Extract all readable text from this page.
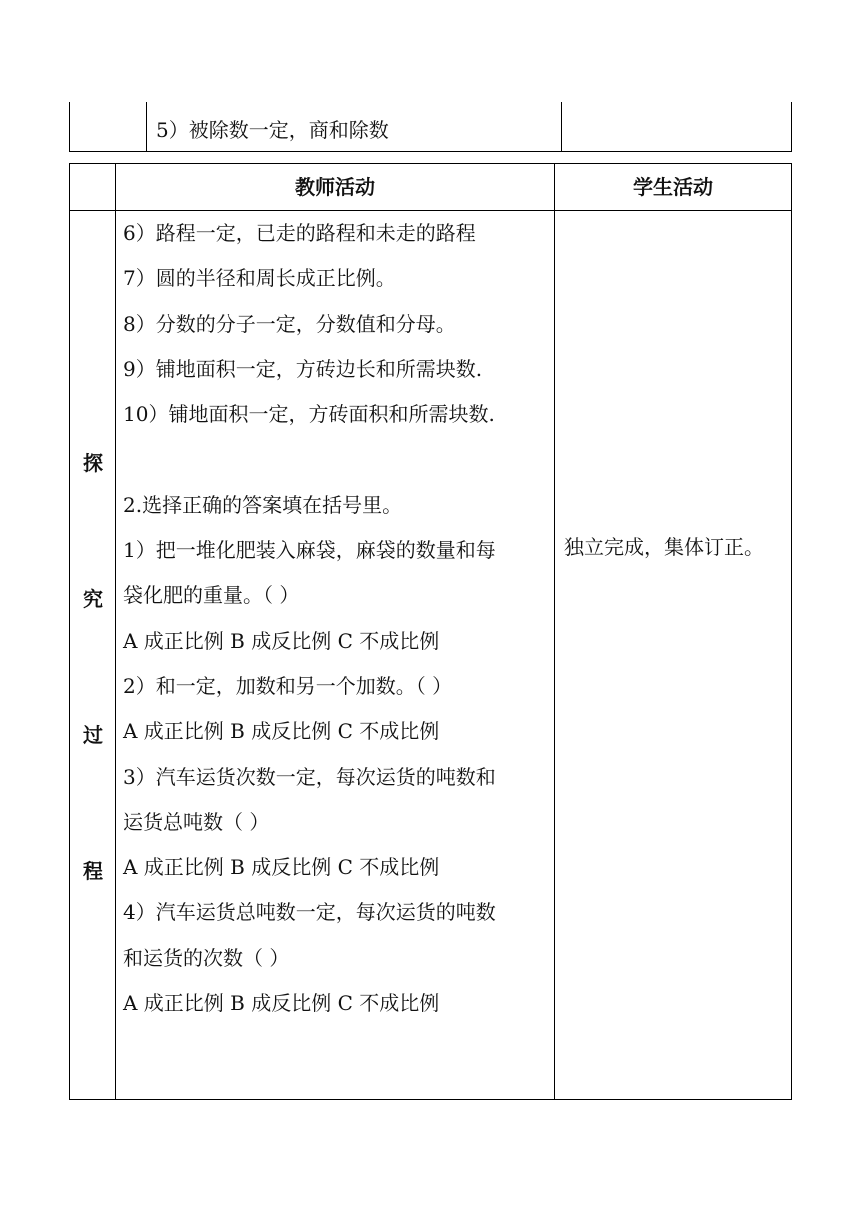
5）被除数一定，商和除数
教师活动	学生活动
探
究
过
程
6）路程一定，已走的路程和未走的路程
7）圆的半径和周长成正比例。
8）分数的分子一定，分数值和分母。
9）铺地面积一定，方砖边长和所需块数.
10）铺地面积一定，方砖面积和所需块数.
2.选择正确的答案填在括号里。
1）把一堆化肥装入麻袋，麻袋的数量和每
袋化肥的重量。（ ）
A 成正比例 B 成反比例 C 不成比例
2）和一定，加数和另一个加数。（ ）
A 成正比例 B 成反比例 C 不成比例
3）汽车运货次数一定，每次运货的吨数和
运货总吨数（ ）
A 成正比例 B 成反比例 C 不成比例
4）汽车运货总吨数一定，每次运货的吨数
和运货的次数（ ）
A 成正比例 B 成反比例 C 不成比例
独立完成，集体订正。
